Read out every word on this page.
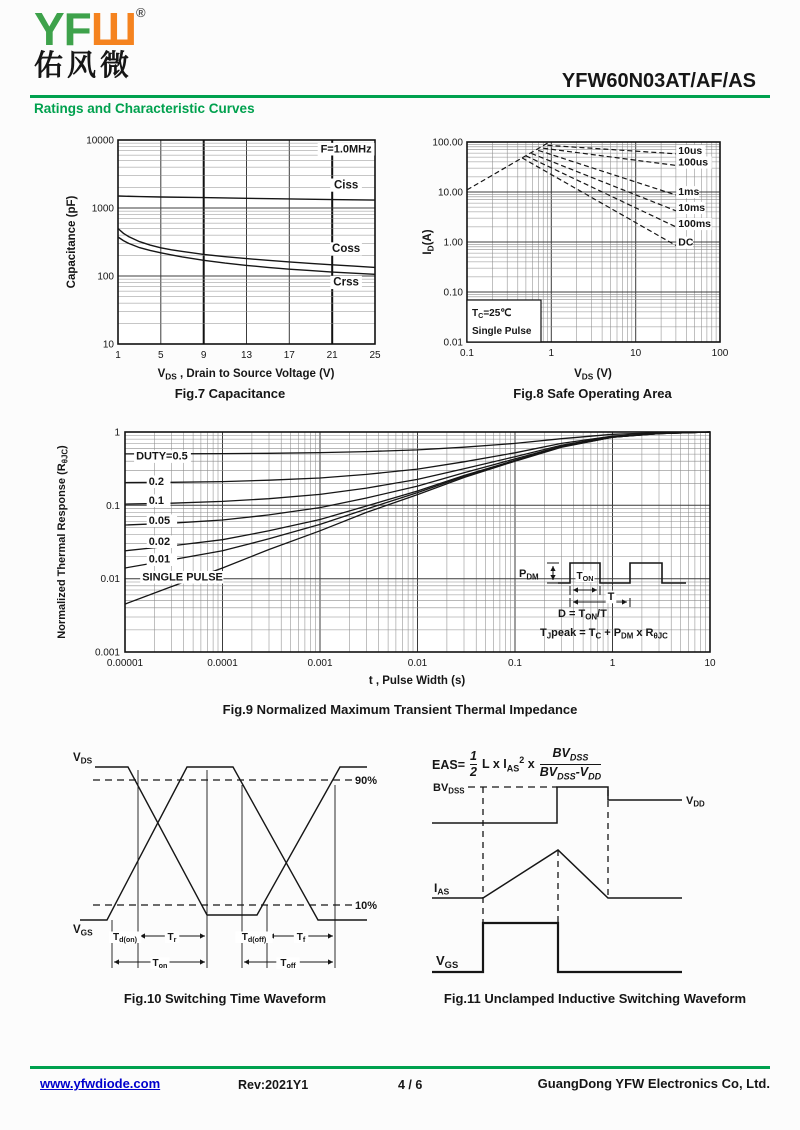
YFШ®
佑风微	YFW60N03AT/AF/AS
Ratings and Characteristic Curves
F=1.0MHz
Ciss
Coss
Crss
1	5	9	13	17	21	25
10
100
1000
10000
$V_{DS}$ , Drain to Source Voltage (V)
Capacitance (pF)
10us
100us
1ms
10ms
100ms
DC
$T_C=25℃$
Single Pulse
0.1	1	10	100
100.00
10.00
1.00
0.10
0.01
$V_{DS}$ (V)
$I_D(A)$
DUTY=0.5
0.2
0.1
0.05
0.02
0.01
SINGLE PULSE	$P_{DM}$	$T_{ON}$
T
$D = T_{ON}/T$
$T_Jpeak = T_C + P_{DM}$ x $R_{\theta JC}$
0.00001	0.0001	0.001	0.01	0.1	1	10
1
0.1
0.01
0.001
t , Pulse Width (s)
Normalized Thermal Response $(R_{\theta JC})$
$V_{DS}$
$V_{GS}$
90%
10%
$T_{d(on)}$	$T_r$	$T_{d(off)}$	$T_f$
$T_{on}$	$T_{off}$
$BV_{DSS}$
$V_{DD}$
$I_{AS}$
$V_{GS}$
$EAS= \frac{1}{2}$ L x $I_{AS}^2$ x $\frac{BV_{DSS}}{BV_{DSS}-V_{DD}}$
Fig.7 Capacitance	Fig.8 Safe Operating Area
Fig.9 Normalized Maximum Transient Thermal Impedance
Fig.10 Switching Time Waveform	Fig.11 Unclamped Inductive Switching Waveform
www.yfwdiode.com	Rev:2021Y1	4 / 6	GuangDong YFW Electronics Co, Ltd.
